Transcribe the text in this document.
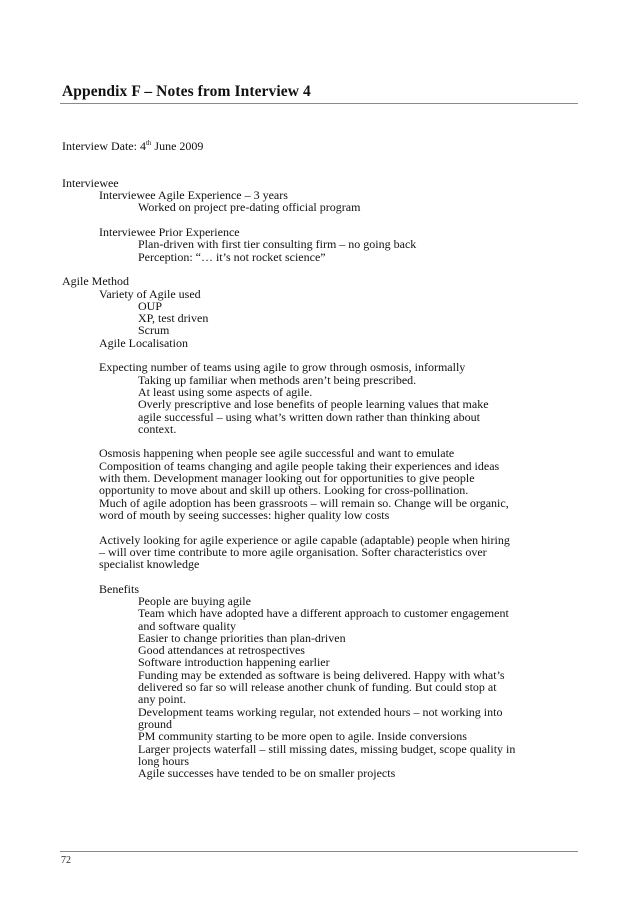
Appendix F – Notes from Interview 4
Interview Date: 4th June 2009
Interviewee
Interviewee Agile Experience – 3 years
Worked on project pre-dating official program
Interviewee Prior Experience
Plan-driven with first tier consulting firm – no going back
Perception: “… it’s not rocket science”
Agile Method
Variety of Agile used
OUP
XP, test driven
Scrum
Agile Localisation
Expecting number of teams using agile to grow through osmosis, informally
Taking up familiar when methods aren’t being prescribed.
At least using some aspects of agile.
Overly prescriptive and lose benefits of people learning values that make
agile successful – using what’s written down rather than thinking about
context.
Osmosis happening when people see agile successful and want to emulate
Composition of teams changing and agile people taking their experiences and ideas
with them. Development manager looking out for opportunities to give people
opportunity to move about and skill up others. Looking for cross-pollination.
Much of agile adoption has been grassroots – will remain so. Change will be organic,
word of mouth by seeing successes: higher quality low costs
Actively looking for agile experience or agile capable (adaptable) people when hiring
– will over time contribute to more agile organisation. Softer characteristics over
specialist knowledge
Benefits
People are buying agile
Team which have adopted have a different approach to customer engagement
and software quality
Easier to change priorities than plan-driven
Good attendances at retrospectives
Software introduction happening earlier
Funding may be extended as software is being delivered. Happy with what’s
delivered so far so will release another chunk of funding. But could stop at
any point.
Development teams working regular, not extended hours – not working into
ground
PM community starting to be more open to agile. Inside conversions
Larger projects waterfall – still missing dates, missing budget, scope quality in
long hours
Agile successes have tended to be on smaller projects
72
